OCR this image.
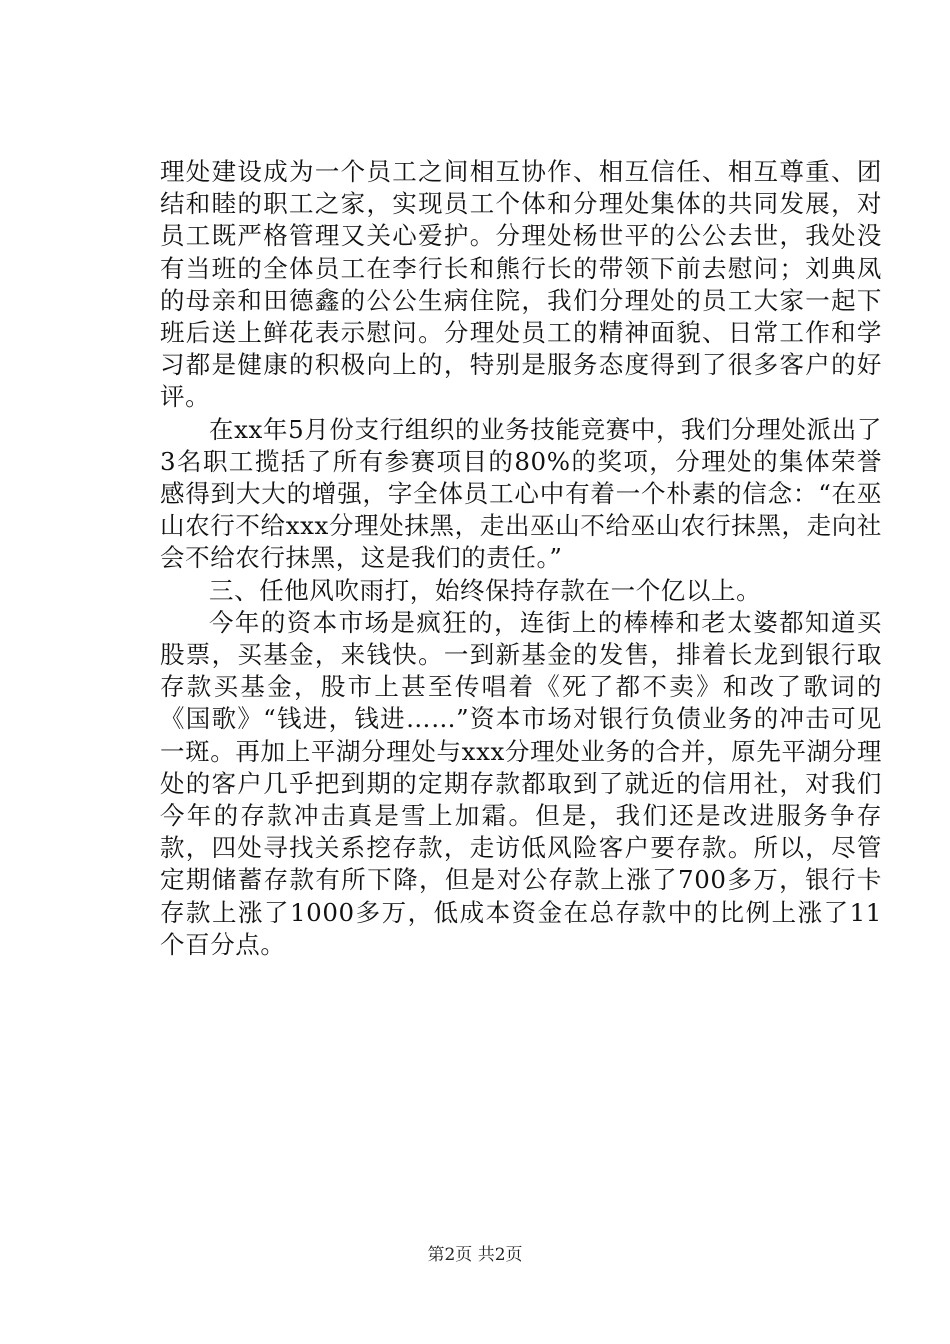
理处建设成为一个员工之间相互协作、相互信任、相互尊重、团结和睦的职工之家，实现员工个体和分理处集体的共同发展，对员工既严格管理又关心爱护。分理处杨世平的公公去世，我处没有当班的全体员工在李行长和熊行长的带领下前去慰问；刘典凤的母亲和田德鑫的公公生病住院，我们分理处的员工大家一起下班后送上鲜花表示慰问。分理处员工的精神面貌、日常工作和学习都是健康的积极向上的，特别是服务态度得到了很多客户的好评。

在xx年5月份支行组织的业务技能竞赛中，我们分理处派出了3名职工揽括了所有参赛项目的80%的奖项，分理处的集体荣誉感得到大大的增强，字全体员工心中有着一个朴素的信念：“在巫山农行不给xxx分理处抹黑，走出巫山不给巫山农行抹黑，走向社会不给农行抹黑，这是我们的责任。”

三、任他风吹雨打，始终保持存款在一个亿以上。

今年的资本市场是疯狂的，连街上的棒棒和老太婆都知道买股票，买基金，来钱快。一到新基金的发售，排着长龙到银行取存款买基金，股市上甚至传唱着《死了都不卖》和改了歌词的《国歌》“钱进，钱进……”资本市场对银行负债业务的冲击可见一斑。再加上平湖分理处与xxx分理处业务的合并，原先平湖分理处的客户几乎把到期的定期存款都取到了就近的信用社，对我们今年的存款冲击真是雪上加霜。但是，我们还是改进服务争存款，四处寻找关系挖存款，走访低风险客户要存款。所以，尽管定期储蓄存款有所下降，但是对公存款上涨了700多万，银行卡存款上涨了1000多万，低成本资金在总存款中的比例上涨了11个百分点。

第2页 共2页
